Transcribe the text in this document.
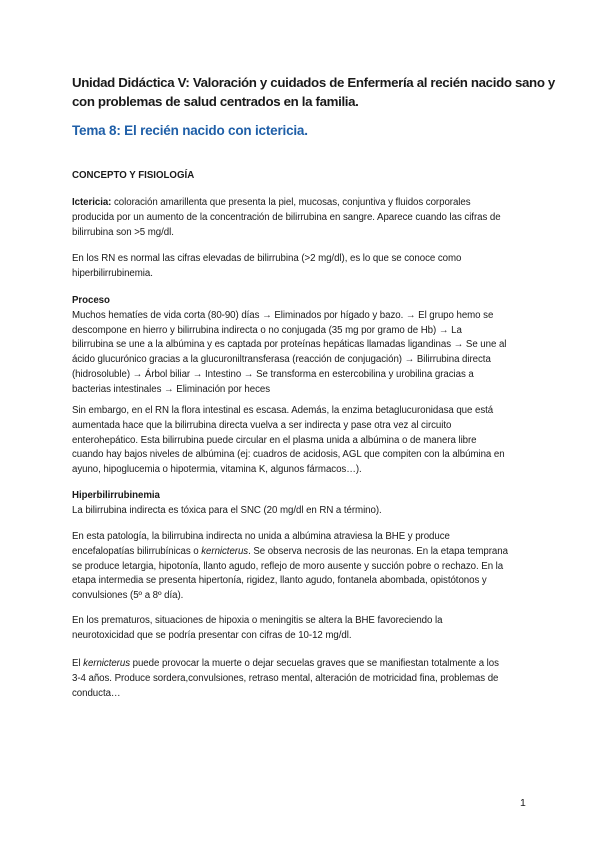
Unidad Didáctica V: Valoración y cuidados de Enfermería al recién nacido sano y
con problemas de salud centrados en la familia.
Tema 8: El recién nacido con ictericia.
CONCEPTO Y FISIOLOGÍA
Ictericia: coloración amarillenta que presenta la piel, mucosas, conjuntiva y fluidos corporales
producida por un aumento de la concentración de bilirrubina en sangre. Aparece cuando las cifras de
bilirrubina son >5 mg/dl.
En los RN es normal las cifras elevadas de bilirrubina (>2 mg/dl), es lo que se conoce como
hiperbilirrubinemia.
Proceso
Muchos hematíes de vida corta (80-90) días → Eliminados por hígado y bazo. → El grupo hemo se
descompone en hierro y bilirrubina indirecta o no conjugada (35 mg por gramo de Hb) → La
bilirrubina se une a la albúmina y es captada por proteínas hepáticas llamadas ligandinas → Se une al
ácido glucurónico gracias a la glucuroniltransferasa (reacción de conjugación) → Bilirrubina directa
(hidrosoluble) → Árbol biliar → Intestino → Se transforma en estercobilina y urobilina gracias a
bacterias intestinales → Eliminación por heces
Sin embargo, en el RN la flora intestinal es escasa. Además, la enzima betaglucuronidasa que está
aumentada hace que la bilirrubina directa vuelva a ser indirecta y pase otra vez al circuito
enterohepático. Esta bilirrubina puede circular en el plasma unida a albúmina o de manera libre
cuando hay bajos niveles de albúmina (ej: cuadros de acidosis, AGL que compiten con la albúmina en
ayuno, hipoglucemia o hipotermia, vitamina K, algunos fármacos…).
Hiperbilirrubinemia
La bilirrubina indirecta es tóxica para el SNC (20 mg/dl en RN a término).
En esta patología, la bilirrubina indirecta no unida a albúmina atraviesa la BHE y produce
encefalopatías bilirrubínicas o kernicterus. Se observa necrosis de las neuronas. En la etapa temprana
se produce letargia, hipotonía, llanto agudo, reflejo de moro ausente y succión pobre o rechazo. En la
etapa intermedia se presenta hipertonía, rigidez, llanto agudo, fontanela abombada, opistótonos y
convulsiones (5º a 8º día).
En los prematuros, situaciones de hipoxia o meningitis se altera la BHE favoreciendo la
neurotoxicidad que se podría presentar con cifras de 10-12 mg/dl.
El kernicterus puede provocar la muerte o dejar secuelas graves que se manifiestan totalmente a los
3-4 años. Produce sordera,convulsiones, retraso mental, alteración de motricidad fina, problemas de
conducta…
1
